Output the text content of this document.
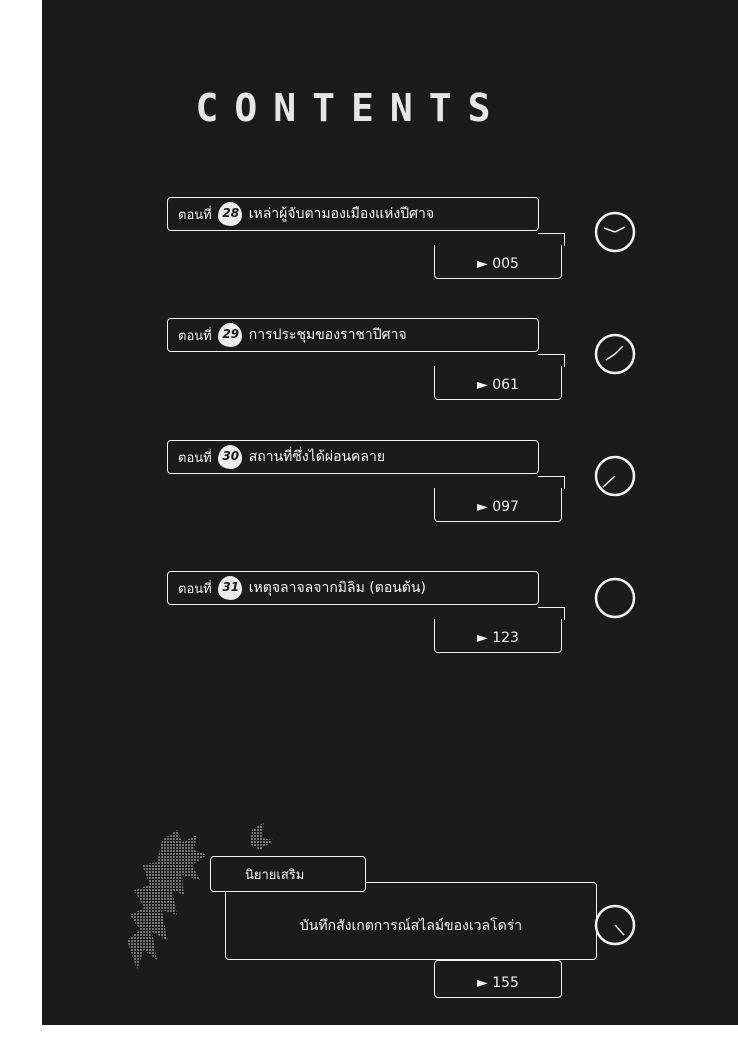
CONTENTS
ตอนที่ 28 เหล่าผู้จับตามองเมืองแห่งปีศาจ
► 005
ตอนที่ 29 การประชุมของราชาปีศาจ
► 061
ตอนที่ 30 สถานที่ซึ่งได้ผ่อนคลาย
► 097
ตอนที่ 31 เหตุจลาจลจากมิลิม (ตอนต้น)
► 123
บันทึกสังเกตการณ์สไลม์ของเวลโดร่า
นิยายเสริม
► 155
